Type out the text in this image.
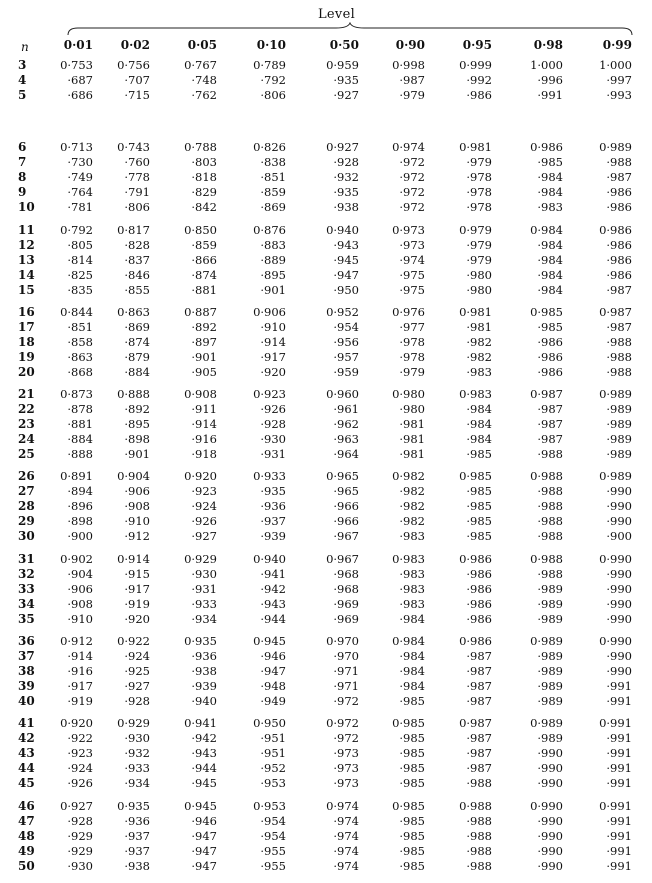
Level
n	0·01	0·02	0·05	0·10	0·50	0·90	0·95	0·98	0·99
3	0·753	0·756	0·767	0·789	0·959	0·998	0·999	1·000	1·000
4	·687	·707	·748	·792	·935	·987	·992	·996	·997
5	·686	·715	·762	·806	·927	·979	·986	·991	·993
6	0·713	0·743	0·788	0·826	0·927	0·974	0·981	0·986	0·989
7	·730	·760	·803	·838	·928	·972	·979	·985	·988
8	·749	·778	·818	·851	·932	·972	·978	·984	·987
9	·764	·791	·829	·859	·935	·972	·978	·984	·986
10	·781	·806	·842	·869	·938	·972	·978	·983	·986
11	0·792	0·817	0·850	0·876	0·940	0·973	0·979	0·984	0·986
12	·805	·828	·859	·883	·943	·973	·979	·984	·986
13	·814	·837	·866	·889	·945	·974	·979	·984	·986
14	·825	·846	·874	·895	·947	·975	·980	·984	·986
15	·835	·855	·881	·901	·950	·975	·980	·984	·987
16	0·844	0·863	0·887	0·906	0·952	0·976	0·981	0·985	0·987
17	·851	·869	·892	·910	·954	·977	·981	·985	·987
18	·858	·874	·897	·914	·956	·978	·982	·986	·988
19	·863	·879	·901	·917	·957	·978	·982	·986	·988
20	·868	·884	·905	·920	·959	·979	·983	·986	·988
21	0·873	0·888	0·908	0·923	0·960	0·980	0·983	0·987	0·989
22	·878	·892	·911	·926	·961	·980	·984	·987	·989
23	·881	·895	·914	·928	·962	·981	·984	·987	·989
24	·884	·898	·916	·930	·963	·981	·984	·987	·989
25	·888	·901	·918	·931	·964	·981	·985	·988	·989
26	0·891	0·904	0·920	0·933	0·965	0·982	0·985	0·988	0·989
27	·894	·906	·923	·935	·965	·982	·985	·988	·990
28	·896	·908	·924	·936	·966	·982	·985	·988	·990
29	·898	·910	·926	·937	·966	·982	·985	·988	·990
30	·900	·912	·927	·939	·967	·983	·985	·988	·900
31	0·902	0·914	0·929	0·940	0·967	0·983	0·986	0·988	0·990
32	·904	·915	·930	·941	·968	·983	·986	·988	·990
33	·906	·917	·931	·942	·968	·983	·986	·989	·990
34	·908	·919	·933	·943	·969	·983	·986	·989	·990
35	·910	·920	·934	·944	·969	·984	·986	·989	·990
36	0·912	0·922	0·935	0·945	0·970	0·984	0·986	0·989	0·990
37	·914	·924	·936	·946	·970	·984	·987	·989	·990
38	·916	·925	·938	·947	·971	·984	·987	·989	·990
39	·917	·927	·939	·948	·971	·984	·987	·989	·991
40	·919	·928	·940	·949	·972	·985	·987	·989	·991
41	0·920	0·929	0·941	0·950	0·972	0·985	0·987	0·989	0·991
42	·922	·930	·942	·951	·972	·985	·987	·989	·991
43	·923	·932	·943	·951	·973	·985	·987	·990	·991
44	·924	·933	·944	·952	·973	·985	·987	·990	·991
45	·926	·934	·945	·953	·973	·985	·988	·990	·991
46	0·927	0·935	0·945	0·953	0·974	0·985	0·988	0·990	0·991
47	·928	·936	·946	·954	·974	·985	·988	·990	·991
48	·929	·937	·947	·954	·974	·985	·988	·990	·991
49	·929	·937	·947	·955	·974	·985	·988	·990	·991
50	·930	·938	·947	·955	·974	·985	·988	·990	·991
